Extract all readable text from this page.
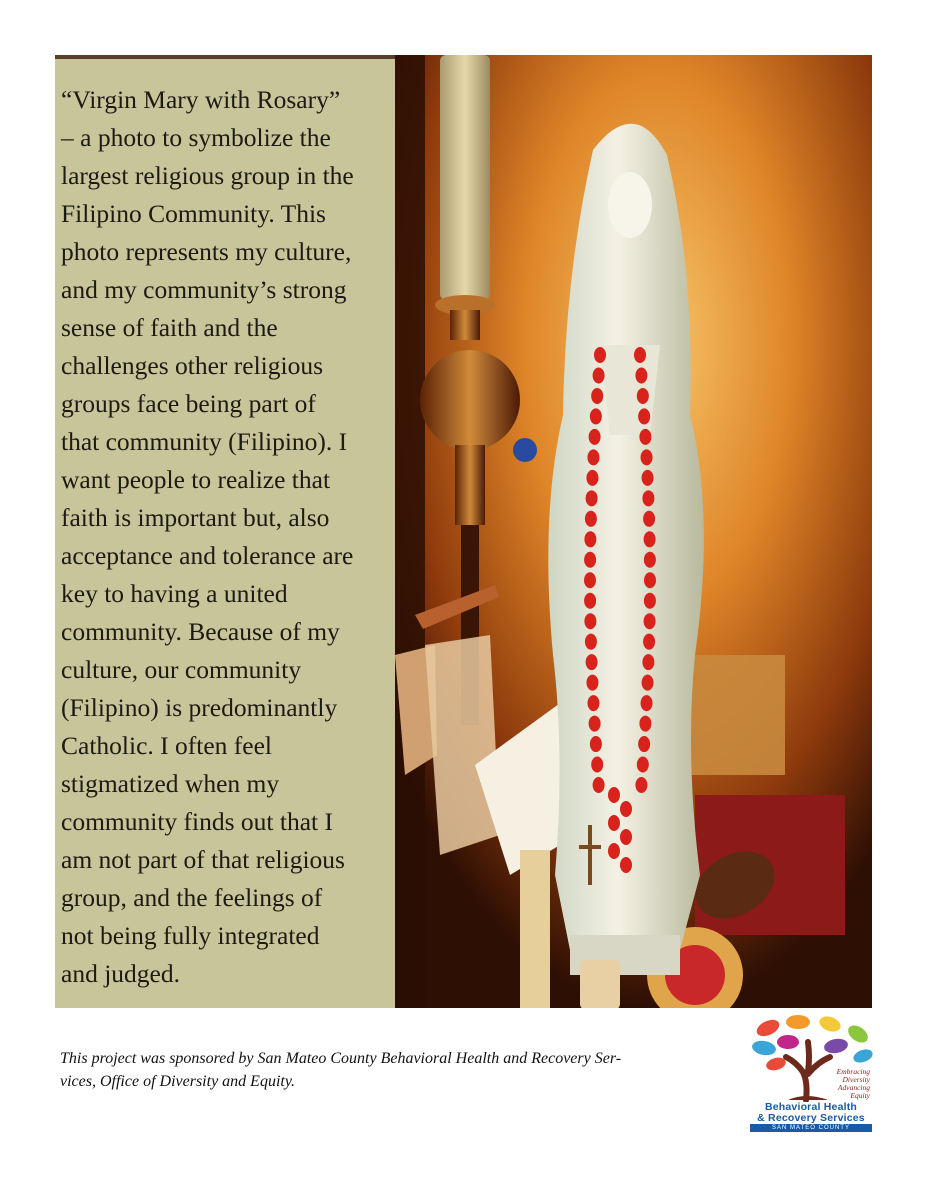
“Virgin Mary with Rosary”
– a photo to symbolize the
largest religious group in the
Filipino Community. This
photo represents my culture,
and my community’s strong
sense of faith and the
challenges other religious
groups face being part of
that community (Filipino). I
want people to realize that
faith is important but, also
acceptance and tolerance are
key to having a united
community. Because of my
culture, our community
(Filipino) is predominantly
Catholic. I often feel
stigmatized when my
community finds out that I
am not part of that religious
group, and the feelings of
not being fully integrated
and judged.

This project was sponsored by San Mateo County Behavioral Health and Recovery Ser-
vices, Office of Diversity and Equity.
Embracing
Diversity
Advancing
Equity
Behavioral Health
& Recovery Services
SAN MATEO COUNTY
